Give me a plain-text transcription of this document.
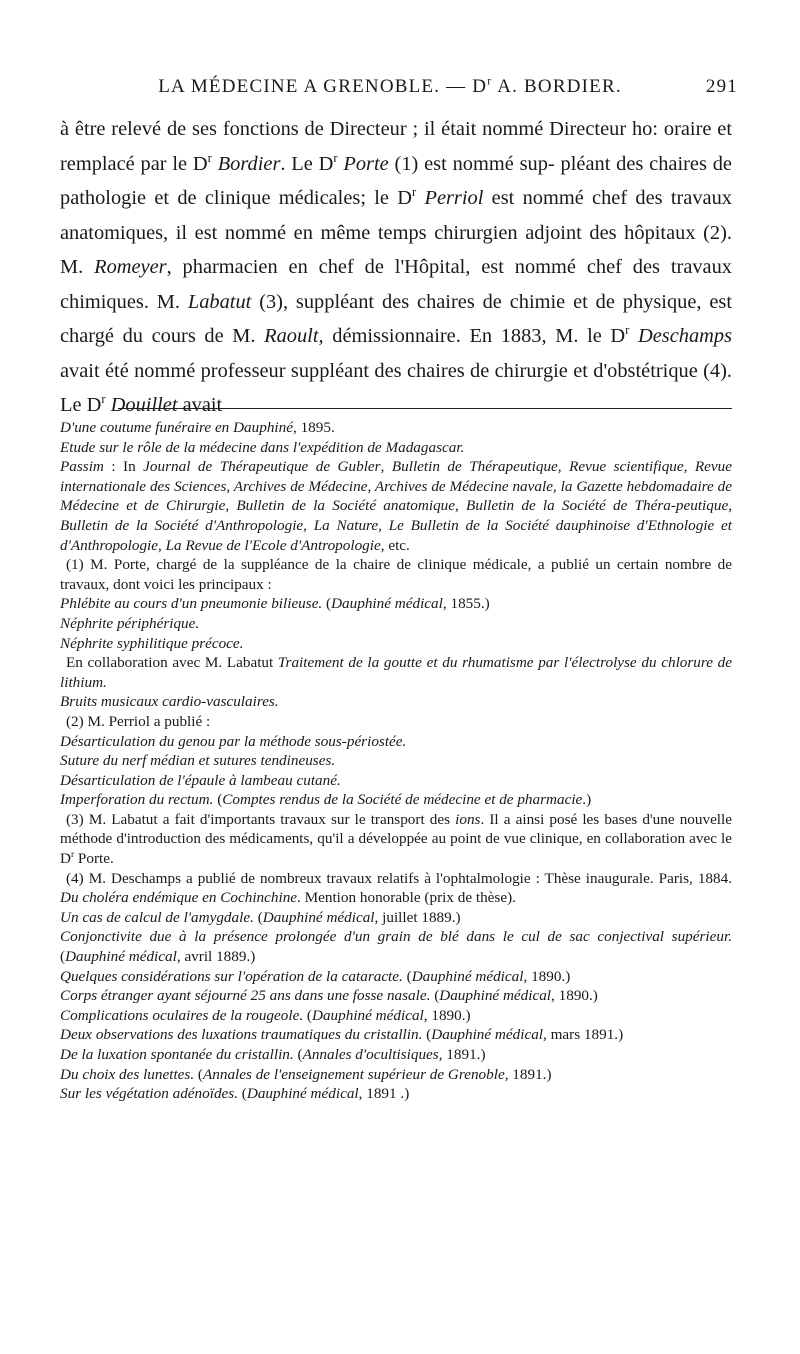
LA MÉDECINE A GRENOBLE. — $D^r$ A. BORDIER.	291

à être relevé de ses fonctions de Directeur ; il était nommé Directeur ho: oraire et remplacé par le $D^r$ Bordier. Le $D^r$ Porte (1) est nommé sup- pléant des chaires de pathologie et de clinique médicales; le $D^r$ Perriol est nommé chef des travaux anatomiques, il est nommé en même temps chirurgien adjoint des hôpitaux (2). M. Romeyer, pharmacien en chef de l'Hôpital, est nommé chef des travaux chimiques. M. Labatut (3), suppléant des chaires de chimie et de physique, est chargé du cours de M. Raoult, démissionnaire. En 1883, M. le $D^r$ Deschamps avait été nommé professeur suppléant des chaires de chirurgie et d'obstétrique (4). Le $D^r$ Douillet avait

D'une coutume funéraire en Dauphiné, 1895.

Etude sur le rôle de la médecine dans l'expédition de Madagascar.

Passim : In Journal de Thérapeutique de Gubler, Bulletin de Thérapeutique, Revue scientifique, Revue internationale des Sciences, Archives de Médecine, Archives de Médecine navale, la Gazette hebdomadaire de Médecine et de Chirurgie, Bulletin de la Société anatomique, Bulletin de la Société de Théra-peutique, Bulletin de la Société d'Anthropologie, La Nature, Le Bulletin de la Société dauphinoise d'Ethnologie et d'Anthropologie, La Revue de l'Ecole d'Antropologie, etc.

(1) M. Porte, chargé de la suppléance de la chaire de clinique médicale, a publié un certain nombre de travaux, dont voici les principaux :

Phlébite au cours d'un pneumonie bilieuse. (Dauphiné médical, 1855.)

Néphrite périphérique.

Néphrite syphilitique précoce.

En collaboration avec M. Labatut Traitement de la goutte et du rhumatisme par l'électrolyse du chlorure de lithium.

Bruits musicaux cardio-vasculaires.

(2) M. Perriol a publié :

Désarticulation du genou par la méthode sous-périostée.

Suture du nerf médian et sutures tendineuses.

Désarticulation de l'épaule à lambeau cutané.

Imperforation du rectum. (Comptes rendus de la Société de médecine et de pharmacie.)

(3) M. Labatut a fait d'importants travaux sur le transport des ions. Il a ainsi posé les bases d'une nouvelle méthode d'introduction des médicaments, qu'il a développée au point de vue clinique, en collaboration avec le $D^r$ Porte.

(4) M. Deschamps a publié de nombreux travaux relatifs à l'ophtalmologie : Thèse inaugurale. Paris, 1884. Du choléra endémique en Cochinchine. Mention honorable (prix de thèse).

Un cas de calcul de l'amygdale. (Dauphiné médical, juillet 1889.)

Conjonctivite due à la présence prolongée d'un grain de blé dans le cul de sac conjectival supérieur. (Dauphiné médical, avril 1889.)

Quelques considérations sur l'opération de la cataracte. (Dauphiné médical, 1890.)

Corps étranger ayant séjourné 25 ans dans une fosse nasale. (Dauphiné médical, 1890.)

Complications oculaires de la rougeole. (Dauphiné médical, 1890.)

Deux observations des luxations traumatiques du cristallin. (Dauphiné médical, mars 1891.)

De la luxation spontanée du cristallin. (Annales d'ocultisiques, 1891.)

Du choix des lunettes. (Annales de l'enseignement supérieur de Grenoble, 1891.)

Sur les végétation adénoïdes. (Dauphiné médical, 1891 .)
